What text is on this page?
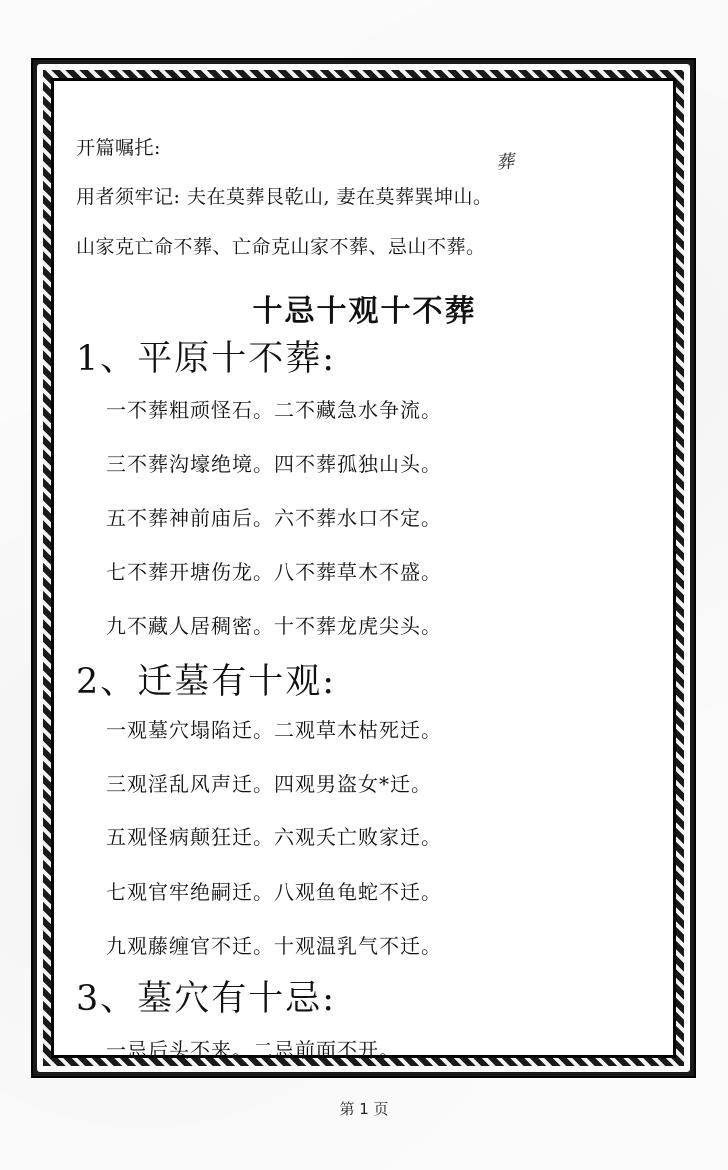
开篇嘱托:
用者须牢记: 夫在莫葬艮乾山, 妻在莫葬巽坤山。
葬
山家克亡命不葬、亡命克山家不葬、忌山不葬。
十忌十观十不葬
1、平原十不葬:
一不葬粗顽怪石。二不藏急水争流。
三不葬沟壕绝境。四不葬孤独山头。
五不葬神前庙后。六不葬水口不定。
七不葬开塘伤龙。八不葬草木不盛。
九不藏人居稠密。十不葬龙虎尖头。
2、迁墓有十观:
一观墓穴塌陷迁。二观草木枯死迁。
三观淫乱风声迁。四观男盗女*迁。
五观怪病颠狂迁。六观夭亡败家迁。
七观官牢绝嗣迁。八观鱼龟蛇不迁。
九观藤缠官不迁。十观温乳气不迁。
3、墓穴有十忌:
一忌后头不来。二忌前面不开。
第 1 页
